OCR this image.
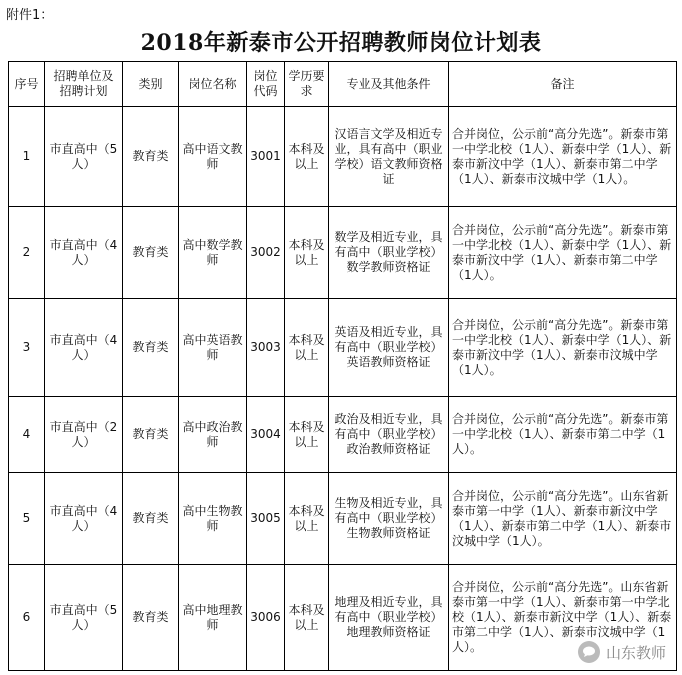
附件1：
2018年新泰市公开招聘教师岗位计划表
序号	招聘单位及招聘计划	类别	岗位名称	岗位代码	学历要求	专业及其他条件	备注
1	市直高中（5人）	教育类	高中语文教师	3001	本科及以上	汉语言文学及相近专业，具有高中（职业学校）语文教师资格证	合并岗位，公示前“高分先选”。新泰市第一中学北校（1人）、新泰中学（1人）、新泰市新汶中学（1人）、新泰市第二中学（1人）、新泰市汶城中学（1人）。
2	市直高中（4人）	教育类	高中数学教师	3002	本科及以上	数学及相近专业，具有高中（职业学校）数学教师资格证	合并岗位，公示前“高分先选”。新泰市第一中学北校（1人）、新泰中学（1人）、新泰市新汶中学（1人）、新泰市第二中学（1人）。
3	市直高中（4人）	教育类	高中英语教师	3003	本科及以上	英语及相近专业，具有高中（职业学校）英语教师资格证	合并岗位，公示前“高分先选”。新泰市第一中学北校（1人）、新泰中学（1人）、新泰市新汶中学（1人）、新泰市汶城中学（1人）。
4	市直高中（2人）	教育类	高中政治教师	3004	本科及以上	政治及相近专业，具有高中（职业学校）政治教师资格证	合并岗位，公示前“高分先选”。新泰市第一中学北校（1人）、新泰市第二中学（1人）。
5	市直高中（4人）	教育类	高中生物教师	3005	本科及以上	生物及相近专业，具有高中（职业学校）生物教师资格证	合并岗位，公示前“高分先选”。山东省新泰市第一中学（1人）、新泰市新汶中学（1人）、新泰市第二中学（1人）、新泰市汶城中学（1人）。
6	市直高中（5人）	教育类	高中地理教师	3006	本科及以上	地理及相近专业，具有高中（职业学校）地理教师资格证	合并岗位，公示前“高分先选”。山东省新泰市第一中学（1人）、新泰市第一中学北校（1人）、新泰市新汶中学（1人）、新泰市第二中学（1人）、新泰市汶城中学（1人）。	山东教师
